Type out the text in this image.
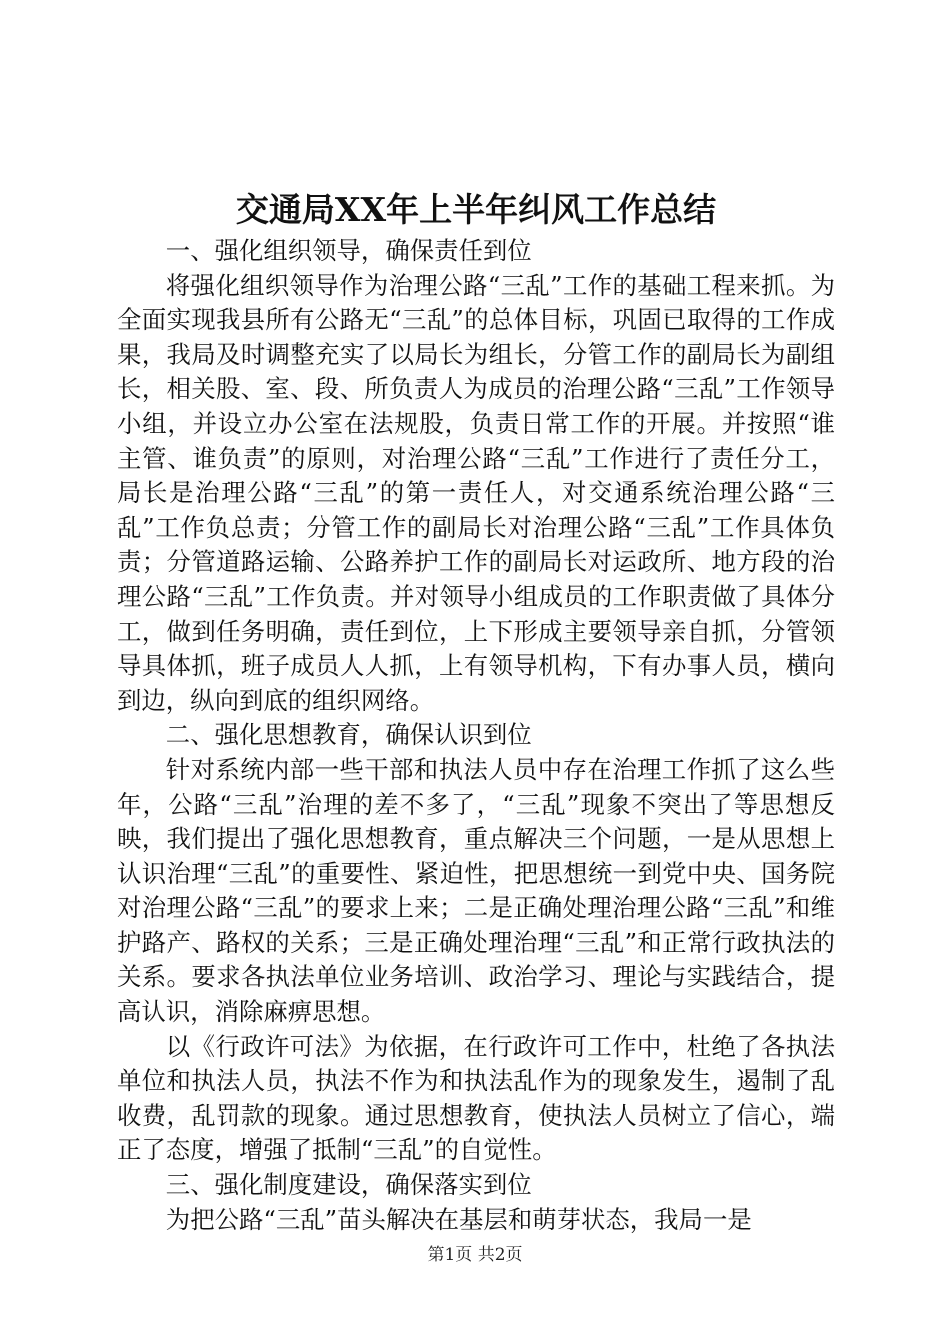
交通局XX年上半年纠风工作总结

一、强化组织领导，确保责任到位

将强化组织领导作为治理公路“三乱”工作的基础工程来抓。为全面实现我县所有公路无“三乱”的总体目标，巩固已取得的工作成果，我局及时调整充实了以局长为组长，分管工作的副局长为副组长，相关股、室、段、所负责人为成员的治理公路“三乱”工作领导小组，并设立办公室在法规股，负责日常工作的开展。并按照“谁主管、谁负责”的原则，对治理公路“三乱”工作进行了责任分工，局长是治理公路“三乱”的第一责任人，对交通系统治理公路“三乱”工作负总责；分管工作的副局长对治理公路“三乱”工作具体负责；分管道路运输、公路养护工作的副局长对运政所、地方段的治理公路“三乱”工作负责。并对领导小组成员的工作职责做了具体分工，做到任务明确，责任到位，上下形成主要领导亲自抓，分管领导具体抓，班子成员人人抓，上有领导机构，下有办事人员，横向到边，纵向到底的组织网络。

二、强化思想教育，确保认识到位

针对系统内部一些干部和执法人员中存在治理工作抓了这么些年，公路“三乱”治理的差不多了，“三乱”现象不突出了等思想反映，我们提出了强化思想教育，重点解决三个问题，一是从思想上认识治理“三乱”的重要性、紧迫性，把思想统一到党中央、国务院对治理公路“三乱”的要求上来；二是正确处理治理公路“三乱”和维护路产、路权的关系；三是正确处理治理“三乱”和正常行政执法的关系。要求各执法单位业务培训、政治学习、理论与实践结合，提高认识，消除麻痹思想。

以《行政许可法》为依据，在行政许可工作中，杜绝了各执法单位和执法人员，执法不作为和执法乱作为的现象发生，遏制了乱收费，乱罚款的现象。通过思想教育，使执法人员树立了信心，端正了态度，增强了抵制“三乱”的自觉性。

三、强化制度建设，确保落实到位

为把公路“三乱”苗头解决在基层和萌芽状态，我局一是

第1页 共2页
